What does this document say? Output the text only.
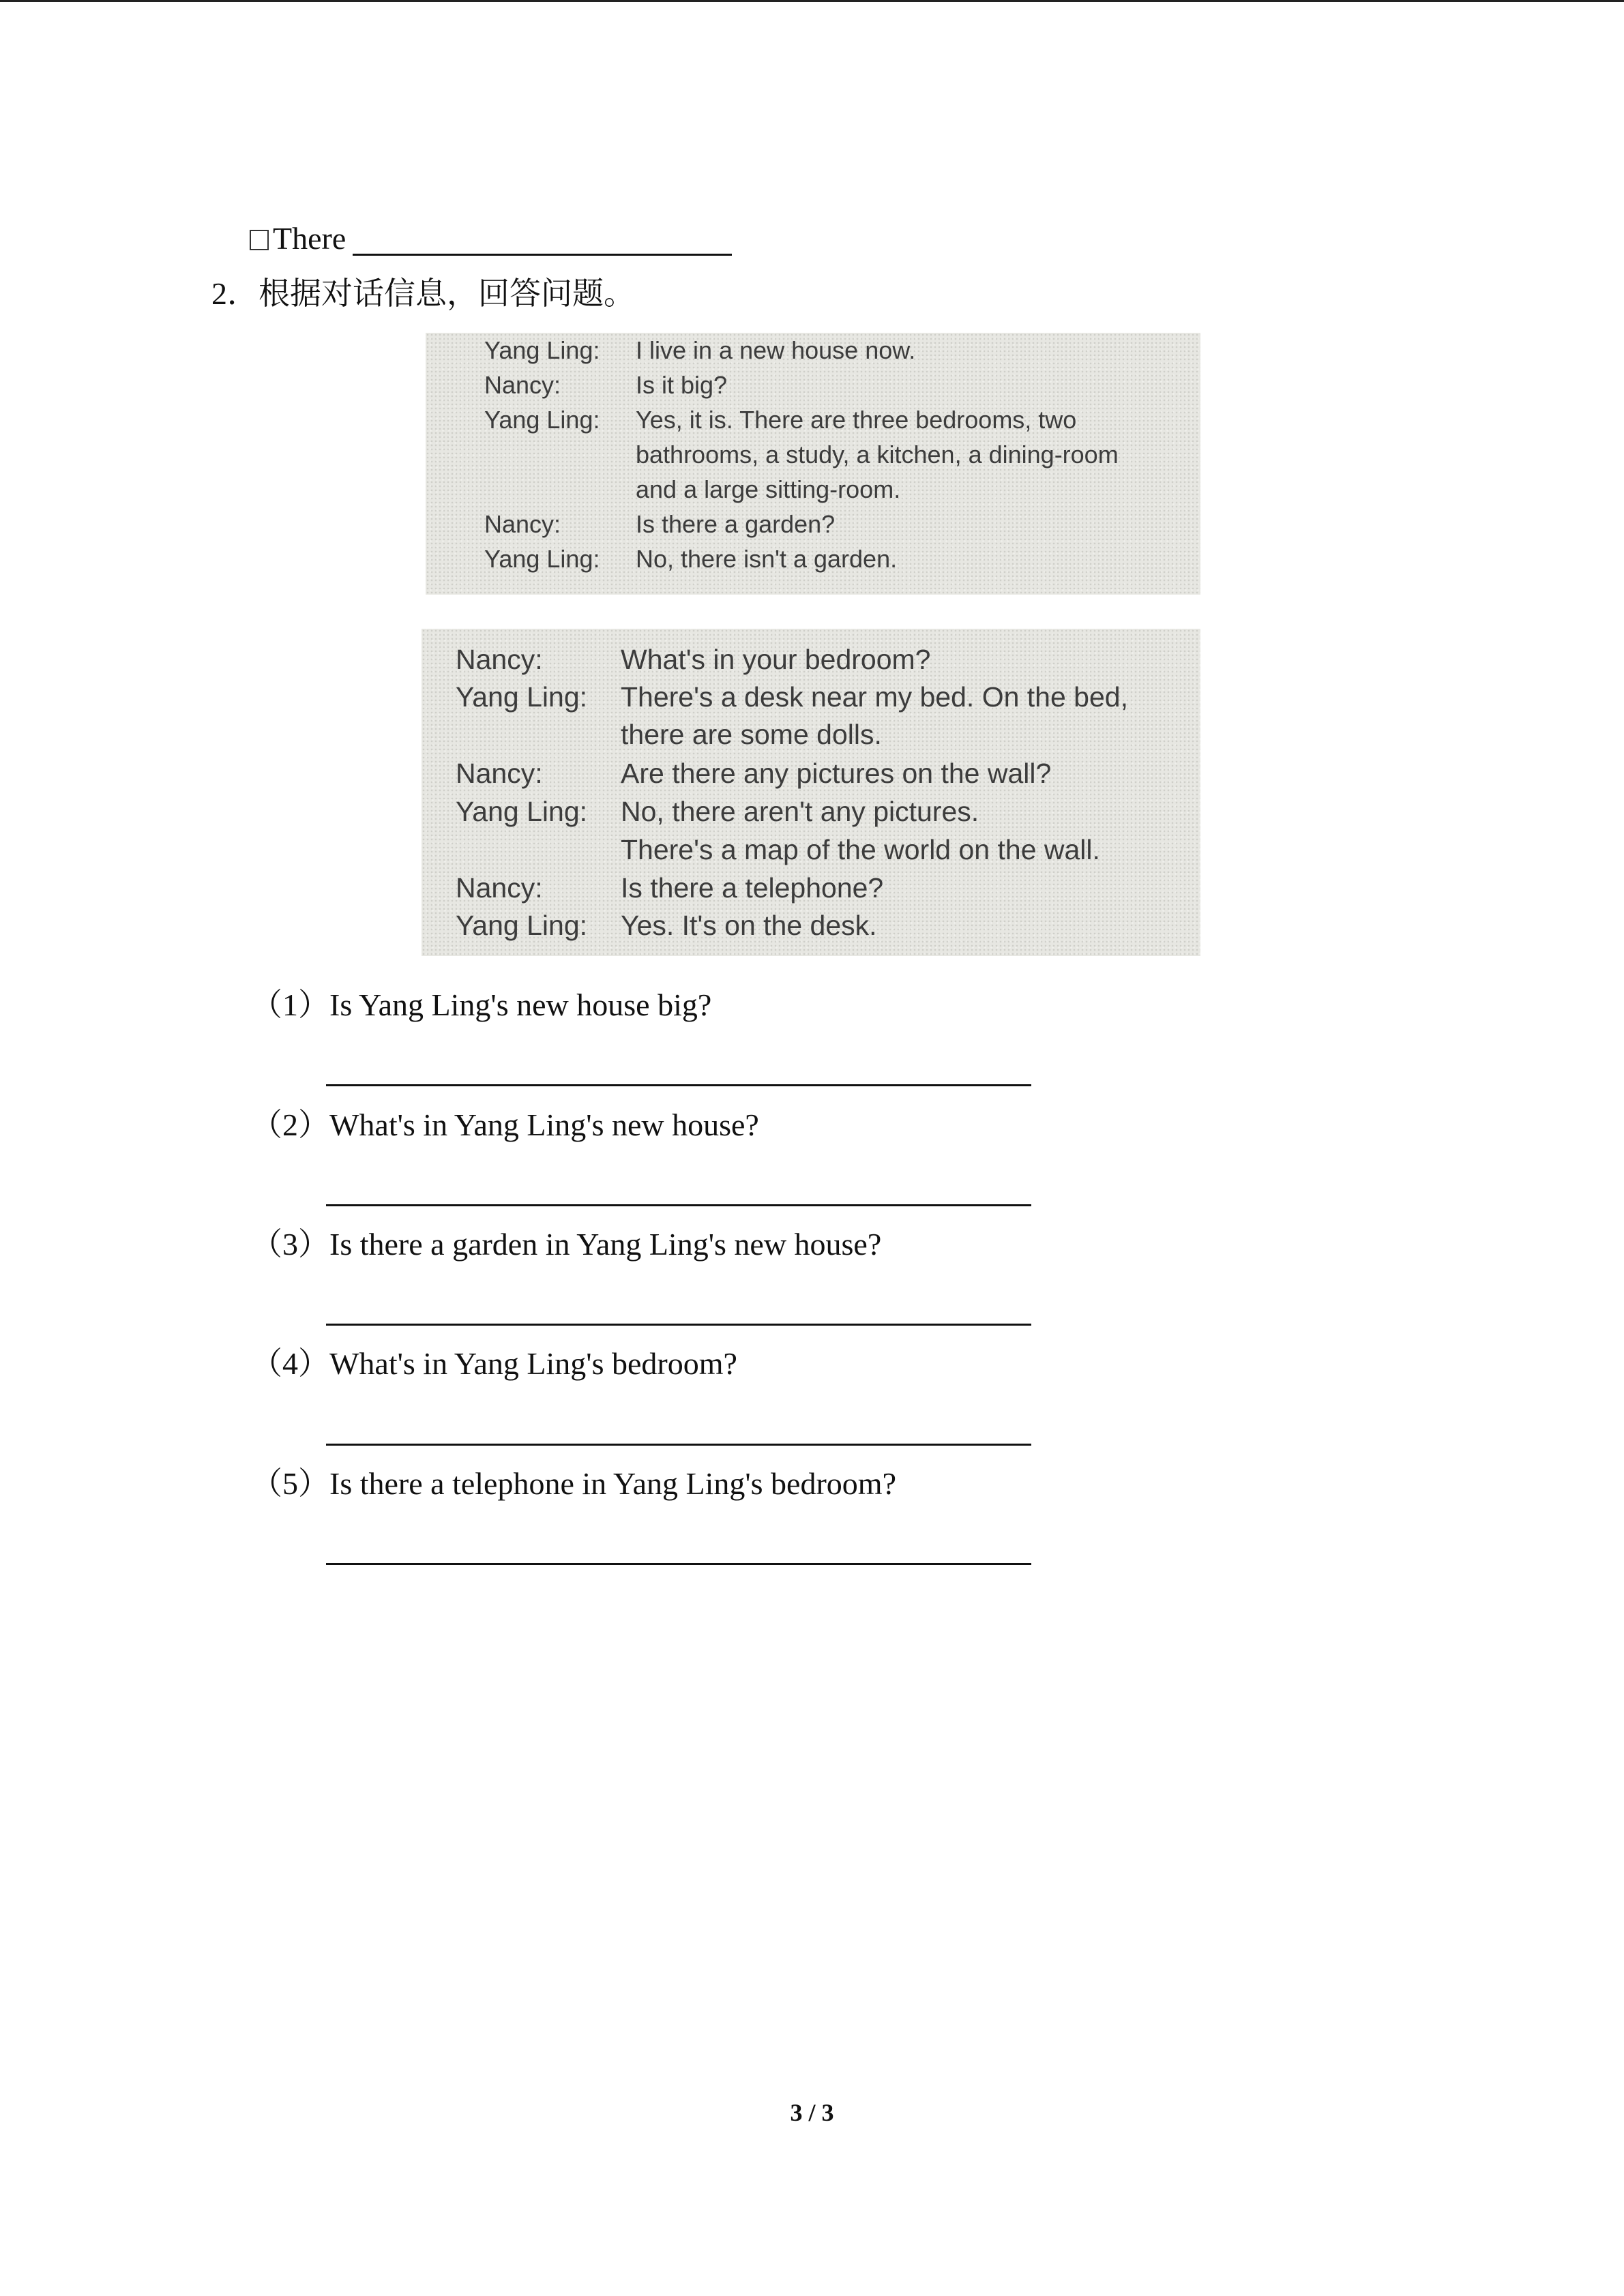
There
2．根据对话信息，回答问题。
Yang Ling: I live in a new house now.
Nancy:	Is it big?
Yang Ling: Yes, it is. There are three bedrooms, two
bathrooms, a study, a kitchen, a dining-room
and a large sitting-room.
Nancy:	Is there a garden?
Yang Ling: No, there isn't a garden.
Nancy:	What's in your bedroom?
Yang Ling: There's a desk near my bed. On the bed,
there are some dolls.
Nancy:	Are there any pictures on the wall?
Yang Ling: No, there aren't any pictures.
There's a map of the world on the wall.
Nancy:	Is there a telephone?
Yang Ling: Yes. It's on the desk.
（1）Is Yang Ling's new house big?
（2）What's in Yang Ling's new house?
（3）Is there a garden in Yang Ling's new house?
（4）What's in Yang Ling's bedroom?
（5）Is there a telephone in Yang Ling's bedroom?
3 / 3
